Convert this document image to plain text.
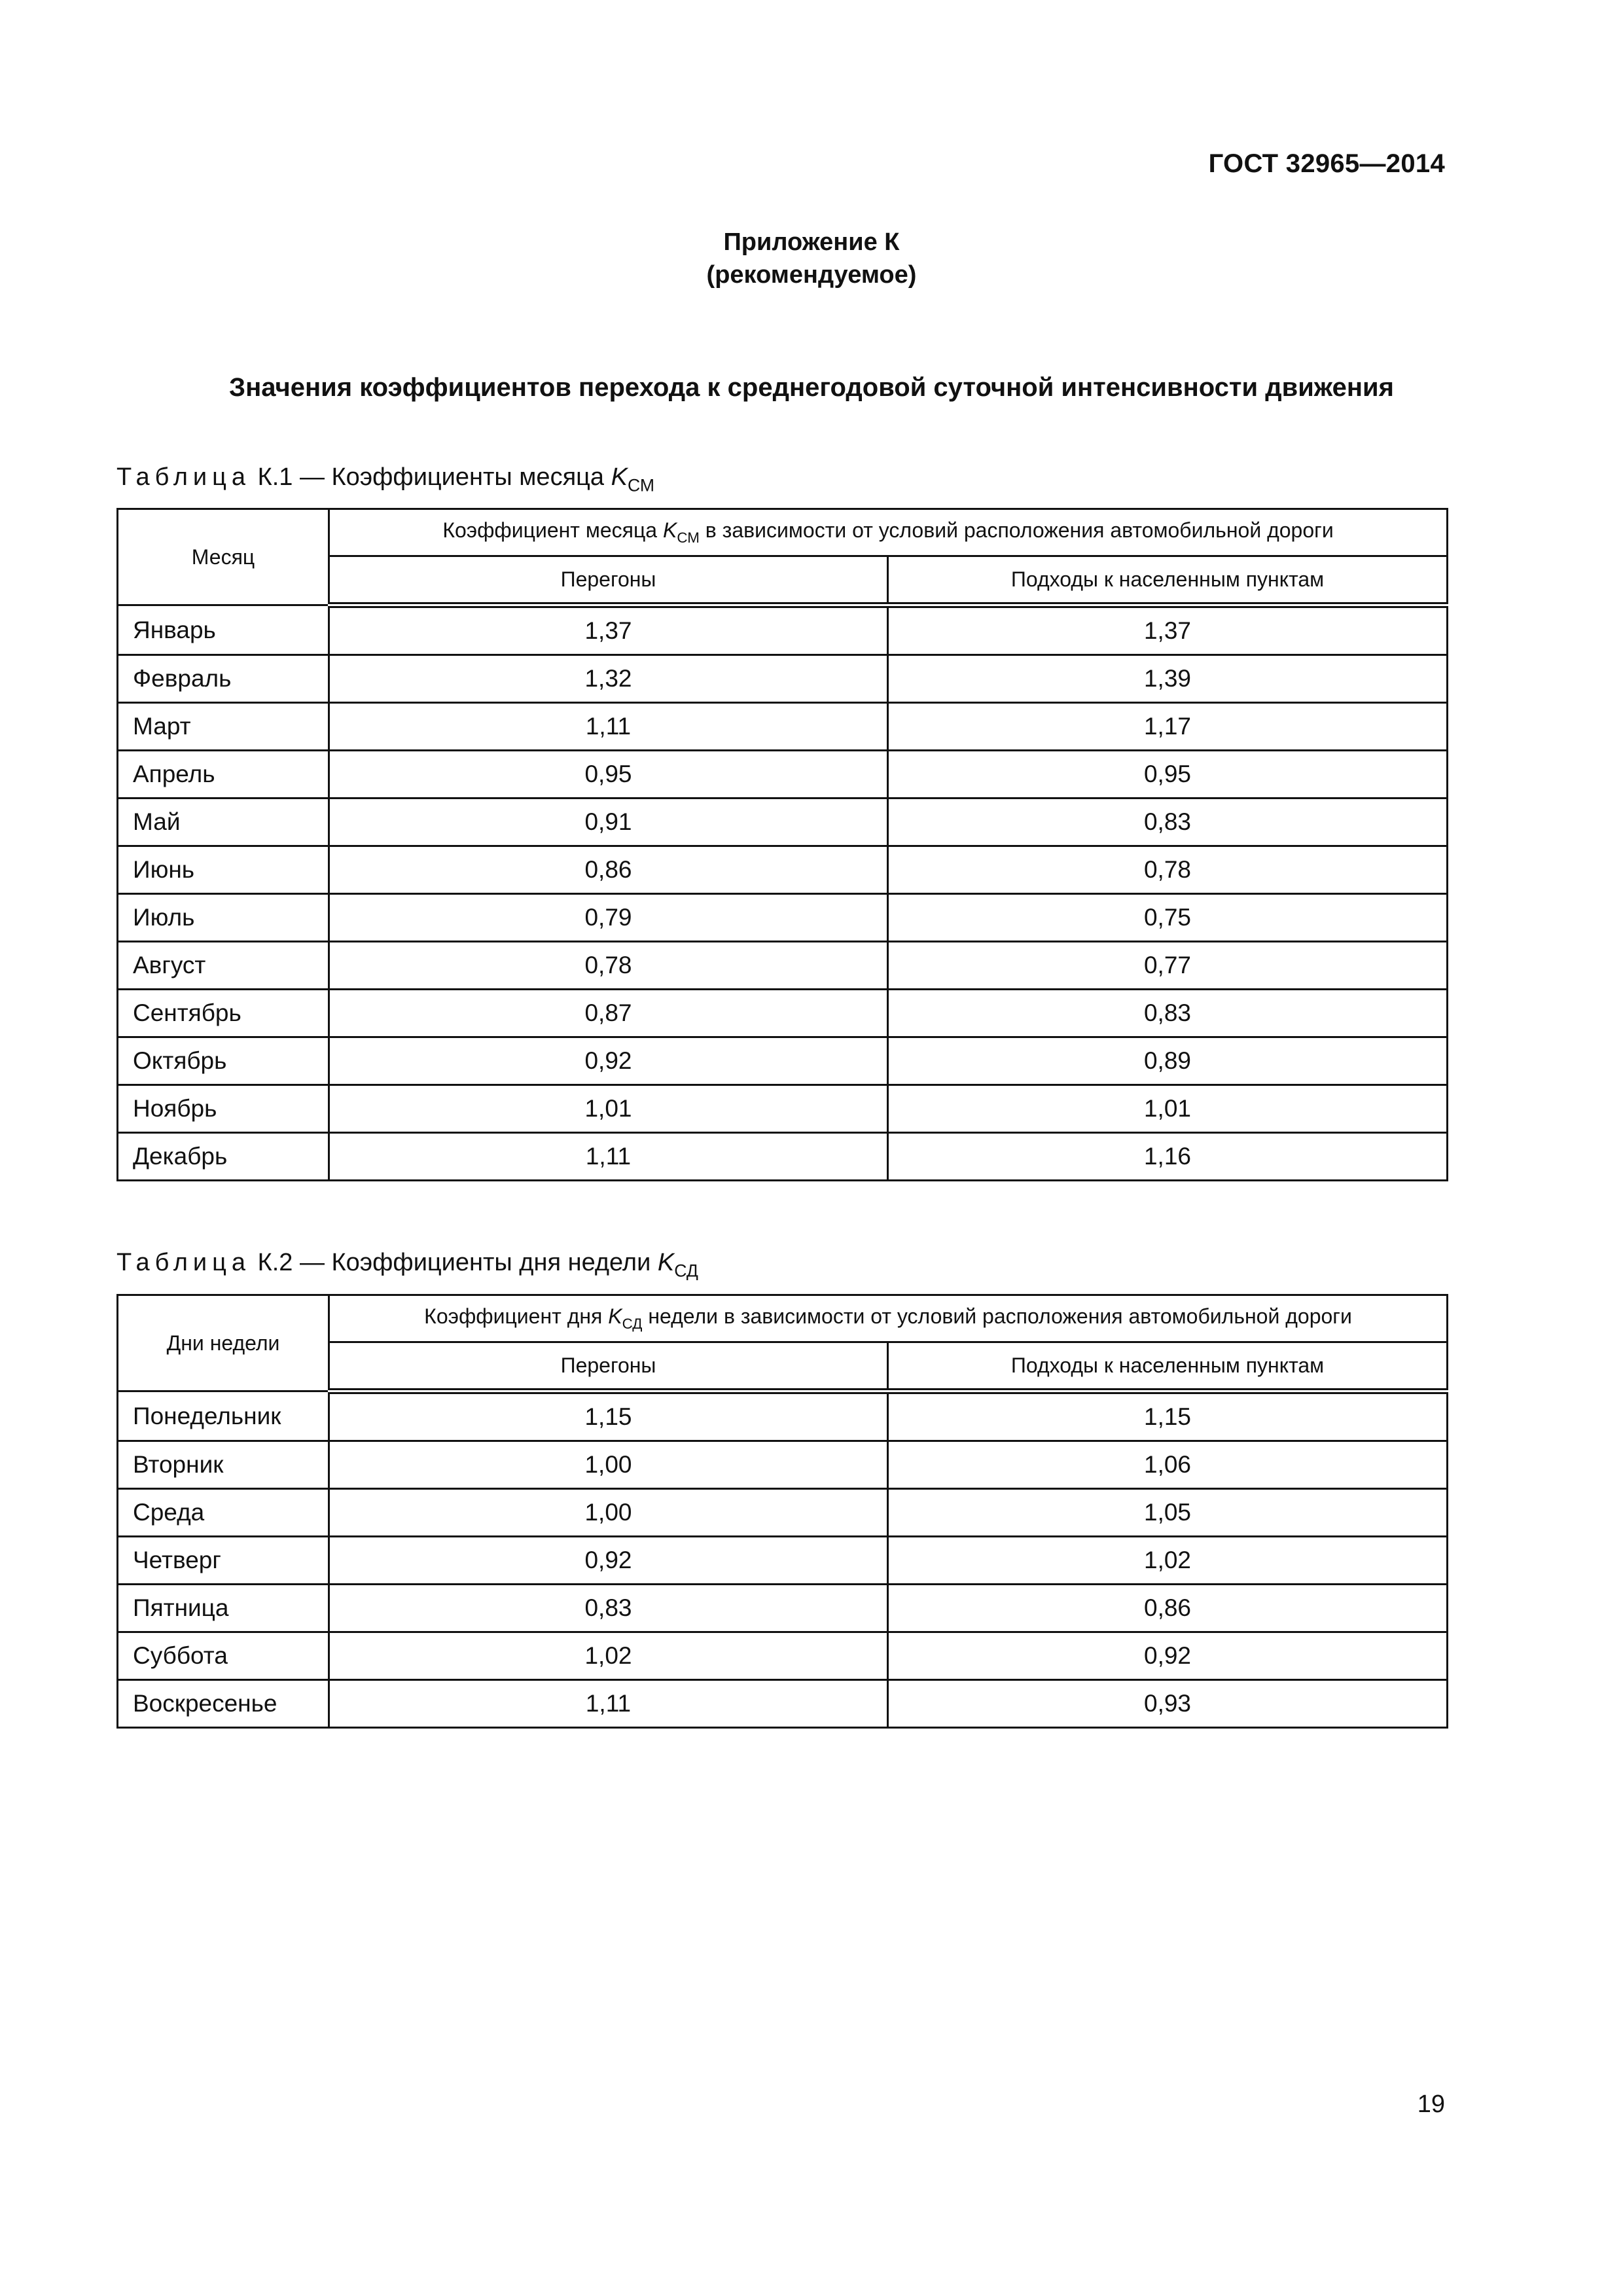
ГОСТ 32965—2014
Приложение К
(рекомендуемое)
Значения коэффициентов перехода к среднегодовой суточной интенсивности движения
Таблица К.1 — Коэффициенты месяца $K_{СМ}$
Месяц	Коэффициент месяца $K_{СМ}$ в зависимости от условий расположения автомобильной дороги	
	Перегоны	Подходы к населенным пунктам
Январь	1,37	1,37
Февраль	1,32	1,39
Март	1,11	1,17
Апрель	0,95	0,95
Май	0,91	0,83
Июнь	0,86	0,78
Июль	0,79	0,75
Август	0,78	0,77
Сентябрь	0,87	0,83
Октябрь	0,92	0,89
Ноябрь	1,01	1,01
Декабрь	1,11	1,16
Таблица К.2 — Коэффициенты дня недели $K_{СД}$
Дни недели	Коэффициент дня $K_{СД}$ недели в зависимости от условий расположения автомобильной дороги	
	Перегоны	Подходы к населенным пунктам
Понедельник	1,15	1,15
Вторник	1,00	1,06
Среда	1,00	1,05
Четверг	0,92	1,02
Пятница	0,83	0,86
Суббота	1,02	0,92
Воскресенье	1,11	0,93
19
